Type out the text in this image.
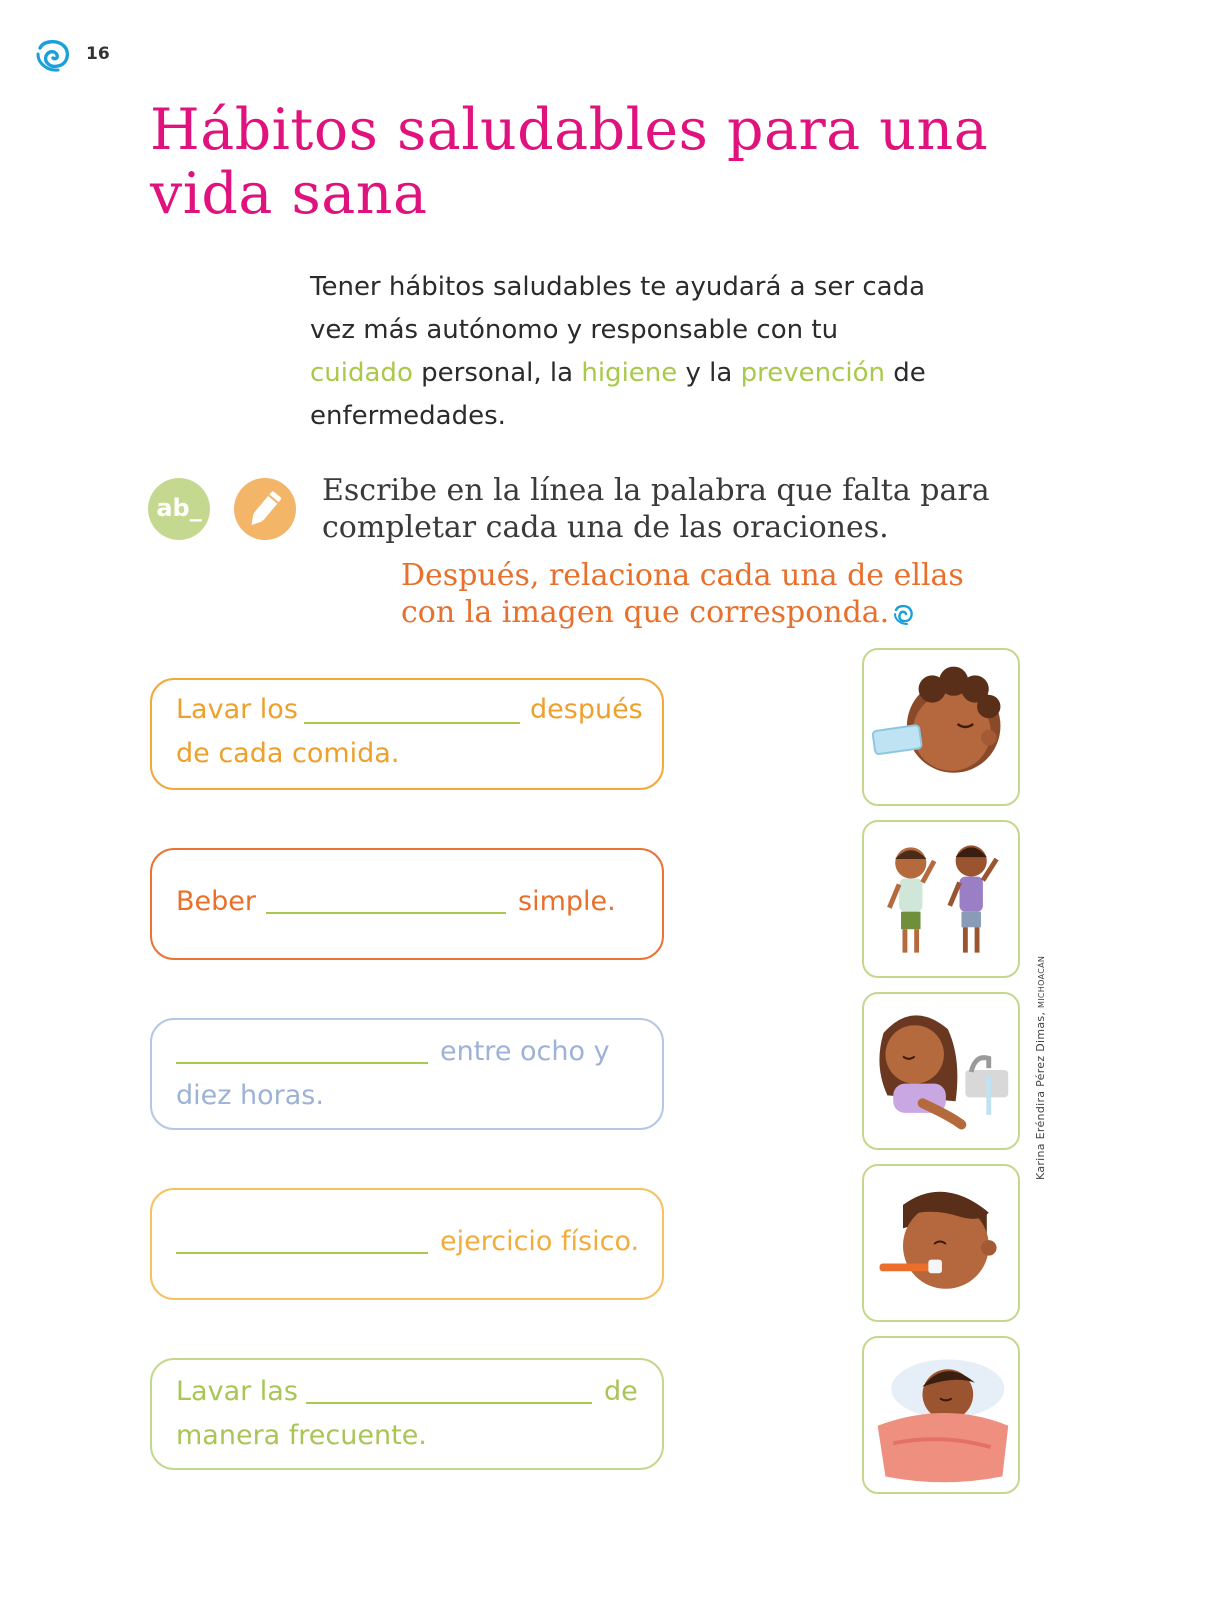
16
Hábitos saludables para una vida sana
Tener hábitos saludables te ayudará a ser cada vez más autónomo y responsable con tu cuidado personal, la higiene y la prevención de enfermedades.
ab_	Escribe en la línea la palabra que falta para completar cada una de las oraciones.
Después, relaciona cada una de ellas con la imagen que corresponda.
Lavar los	después
de cada comida.
Beber	simple.
entre ocho y
diez horas.
ejercicio físico.
Lavar las	de
manera frecuente.
Karina Eréndira Pérez Dimas, MICHOACÁN
